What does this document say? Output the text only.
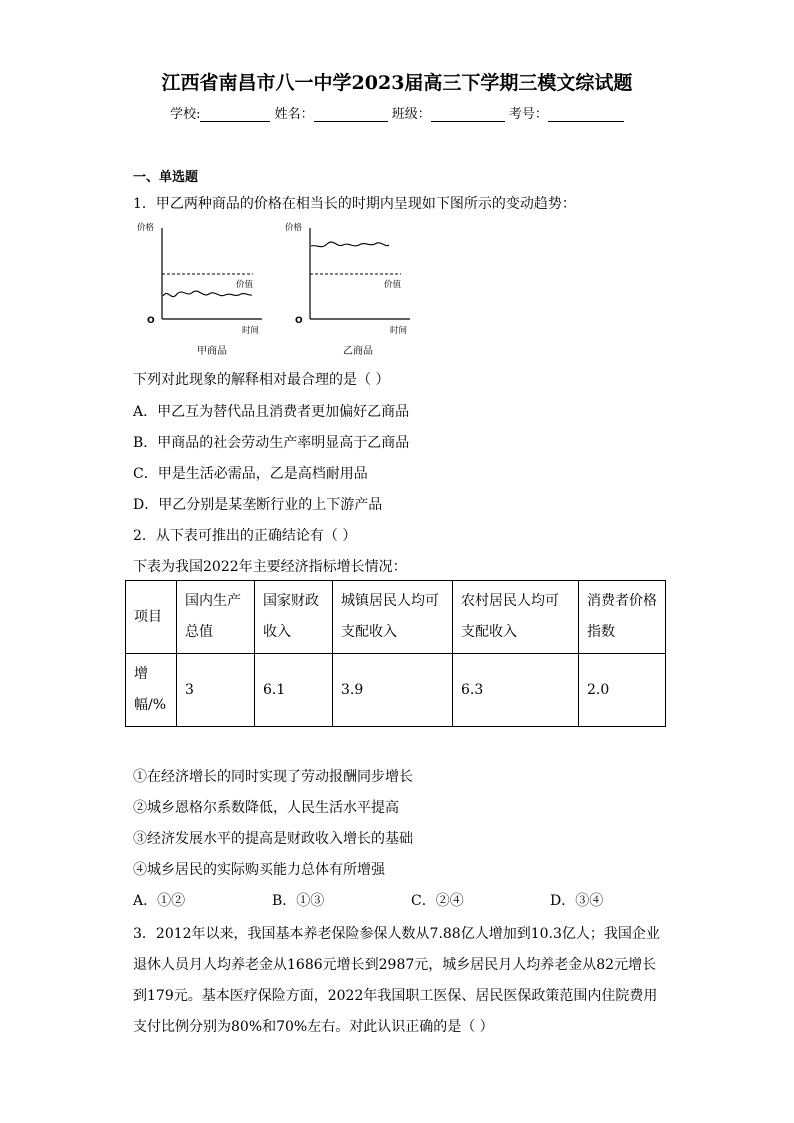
江西省南昌市八一中学2023届高三下学期三模文综试题
学校:	姓名：	班级：	考号：
一、单选题
1．甲乙两种商品的价格在相当长的时期内呈现如下图所示的变动趋势：
价格
价值
时间
O
甲商品
价格
价值
时间
O
乙商品
下列对此现象的解释相对最合理的是（ ）
A．甲乙互为替代品且消费者更加偏好乙商品
B．甲商品的社会劳动生产率明显高于乙商品
C．甲是生活必需品，乙是高档耐用品
D．甲乙分别是某垄断行业的上下游产品
2．从下表可推出的正确结论有（ ）
下表为我国2022年主要经济指标增长情况：
项目	国内生产总值	国家财政收入	城镇居民人均可支配收入	农村居民人均可支配收入	消费者价格指数
增幅/%	3	6.1	3.9	6.3	2.0
①在经济增长的同时实现了劳动报酬同步增长
②城乡恩格尔系数降低，人民生活水平提高
③经济发展水平的提高是财政收入增长的基础
④城乡居民的实际购买能力总体有所增强
A．①②	B．①③	C．②④	D．③④
3．2012年以来，我国基本养老保险参保人数从7.88亿人增加到10.3亿人；我国企业
退休人员月人均养老金从1686元增长到2987元，城乡居民月人均养老金从82元增长
到179元。基本医疗保险方面，2022年我国职工医保、居民医保政策范围内住院费用
支付比例分别为80%和70%左右。对此认识正确的是（ ）
